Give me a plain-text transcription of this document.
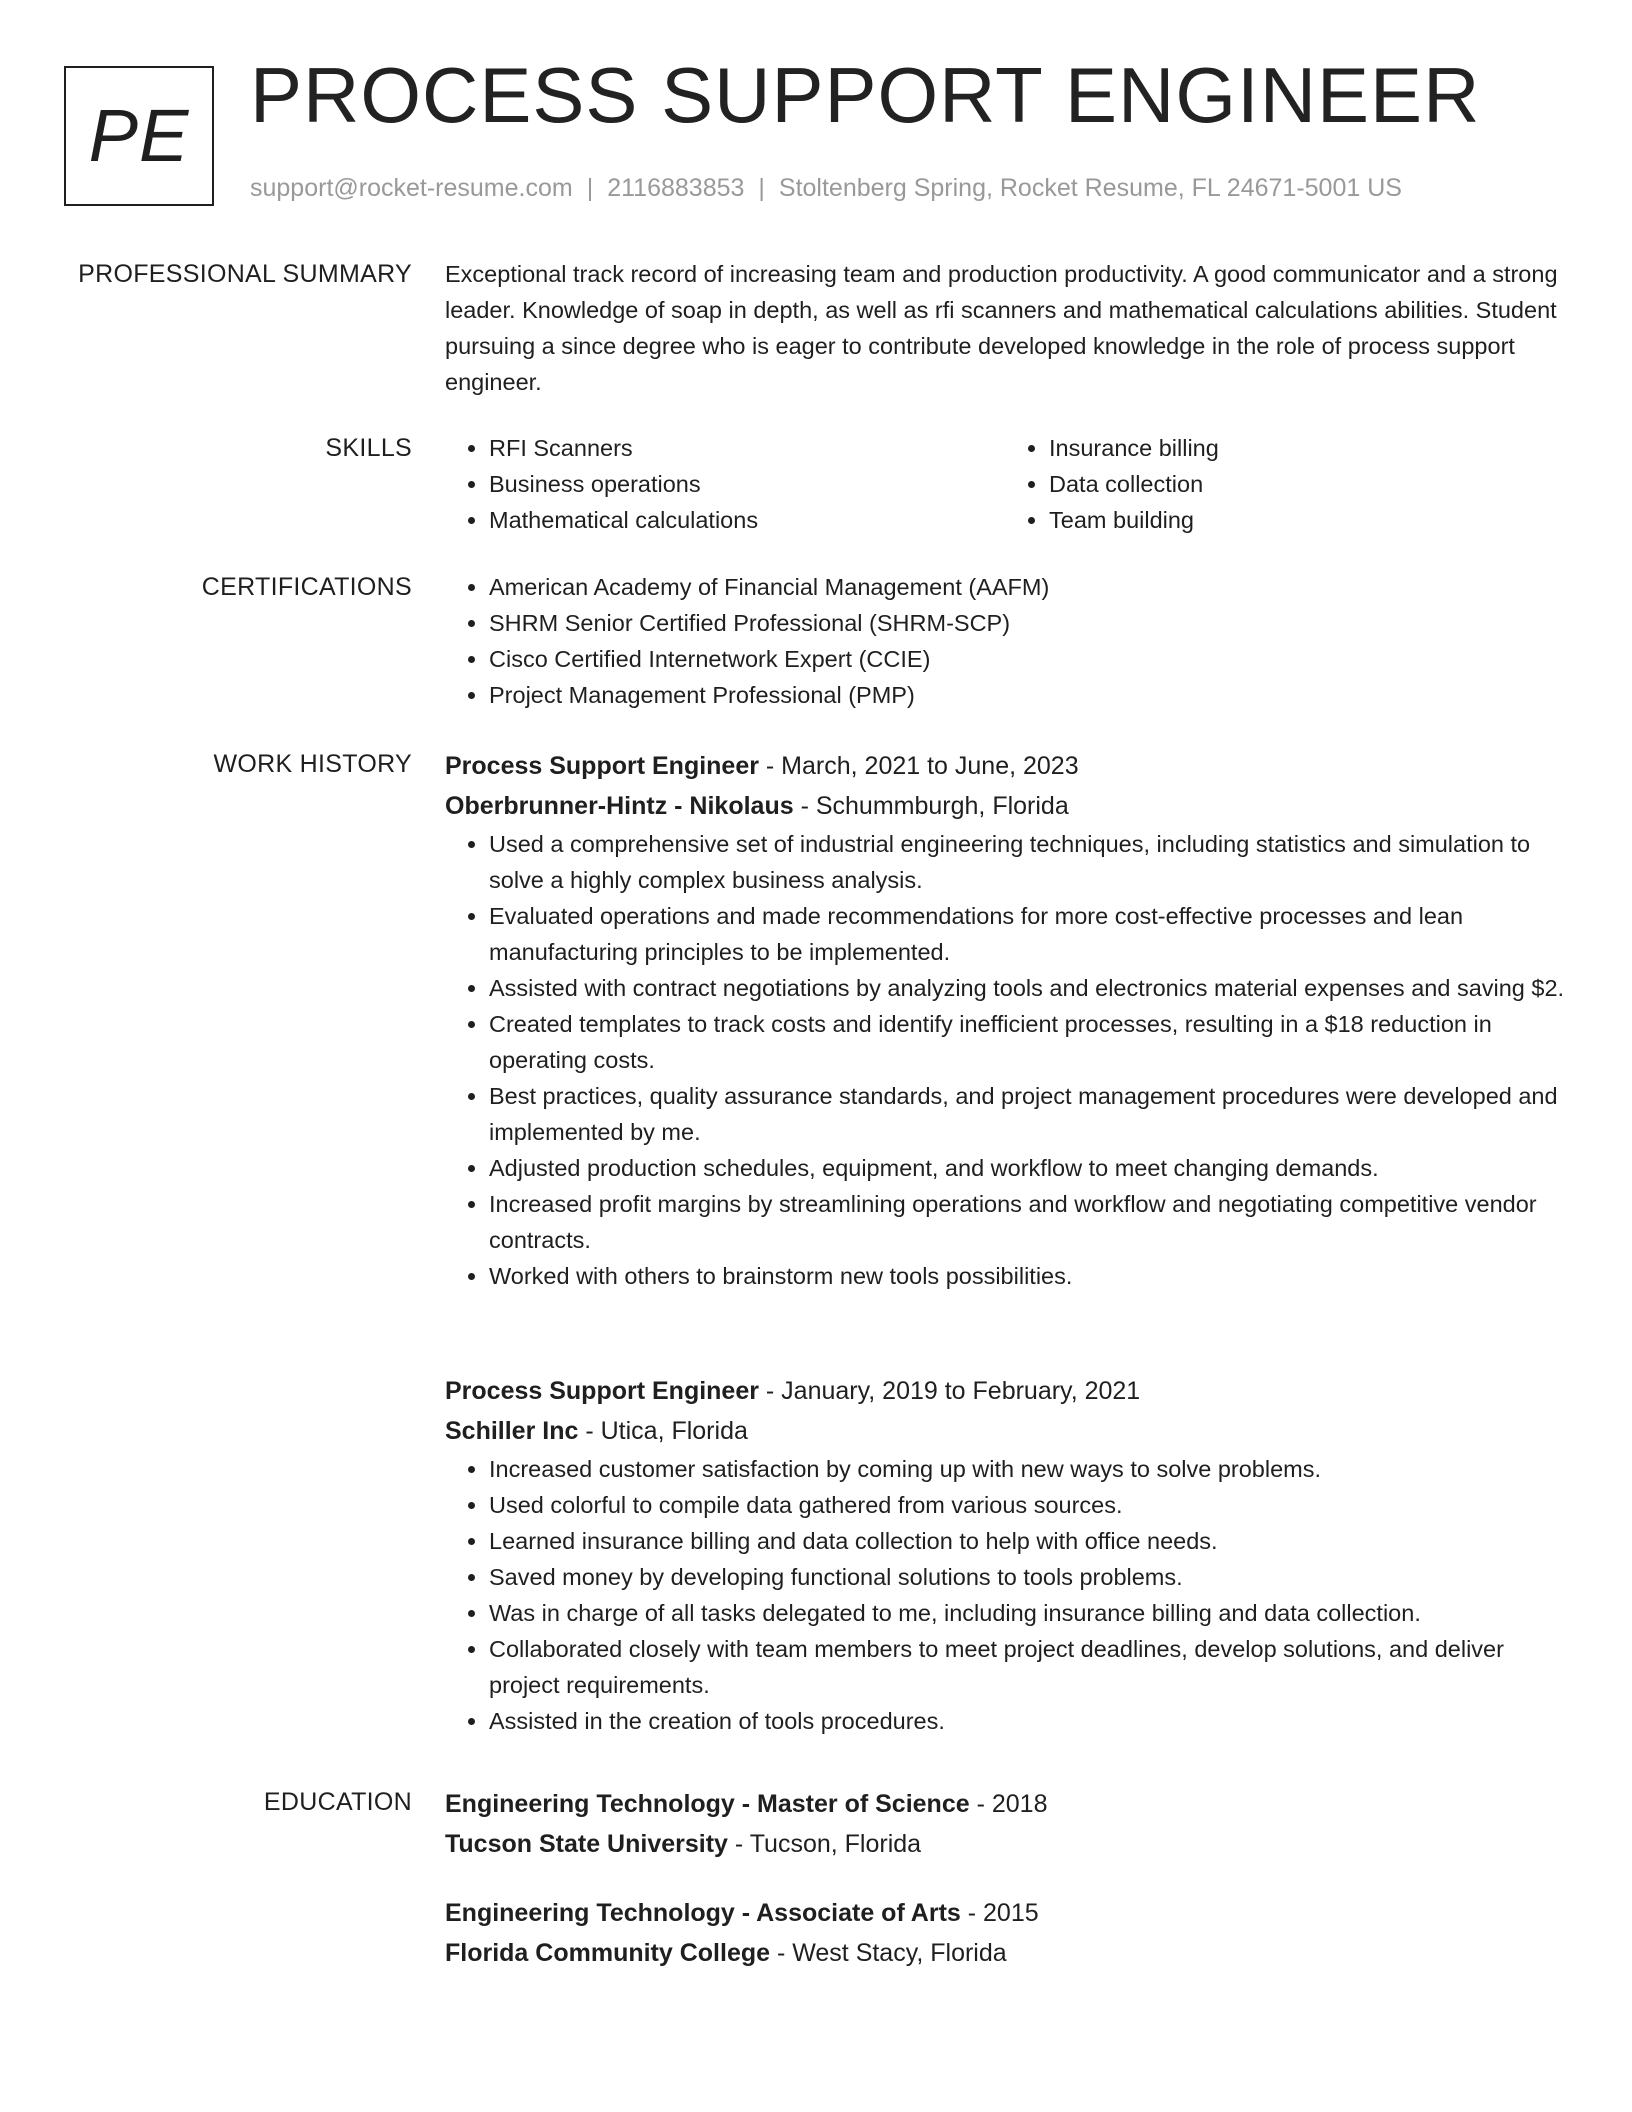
PE PROCESS SUPPORT ENGINEER
support@rocket-resume.com | 2116883853 | Stoltenberg Spring, Rocket Resume, FL 24671-5001 US
PROFESSIONAL SUMMARY Exceptional track record of increasing team and production productivity. A good communicator and a strong leader. Knowledge of soap in depth, as well as rfi scanners and mathematical calculations abilities. Student pursuing a since degree who is eager to contribute developed knowledge in the role of process support engineer.
SKILLS	• RFI Scanners
• Business operations
• Mathematical calculations
• Insurance billing
• Data collection
• Team building
CERTIFICATIONS	• American Academy of Financial Management (AAFM)
• SHRM Senior Certified Professional (SHRM-SCP)
• Cisco Certified Internetwork Expert (CCIE)
• Project Management Professional (PMP)
WORK HISTORY Process Support Engineer - March, 2021 to June, 2023
Oberbrunner-Hintz - Nikolaus - Schummburgh, Florida
• Used a comprehensive set of industrial engineering techniques, including statistics and simulation to solve a highly complex business analysis.
• Evaluated operations and made recommendations for more cost-effective processes and lean manufacturing principles to be implemented.
• Assisted with contract negotiations by analyzing tools and electronics material expenses and saving $2.
• Created templates to track costs and identify inefficient processes, resulting in a $18 reduction in operating costs.
• Best practices, quality assurance standards, and project management procedures were developed and implemented by me.
• Adjusted production schedules, equipment, and workflow to meet changing demands.
• Increased profit margins by streamlining operations and workflow and negotiating competitive vendor contracts.
• Worked with others to brainstorm new tools possibilities.
Process Support Engineer - January, 2019 to February, 2021
Schiller Inc - Utica, Florida
• Increased customer satisfaction by coming up with new ways to solve problems.
• Used colorful to compile data gathered from various sources.
• Learned insurance billing and data collection to help with office needs.
• Saved money by developing functional solutions to tools problems.
• Was in charge of all tasks delegated to me, including insurance billing and data collection.
• Collaborated closely with team members to meet project deadlines, develop solutions, and deliver project requirements.
• Assisted in the creation of tools procedures.
EDUCATION Engineering Technology - Master of Science - 2018
Tucson State University - Tucson, Florida
Engineering Technology - Associate of Arts - 2015
Florida Community College - West Stacy, Florida
